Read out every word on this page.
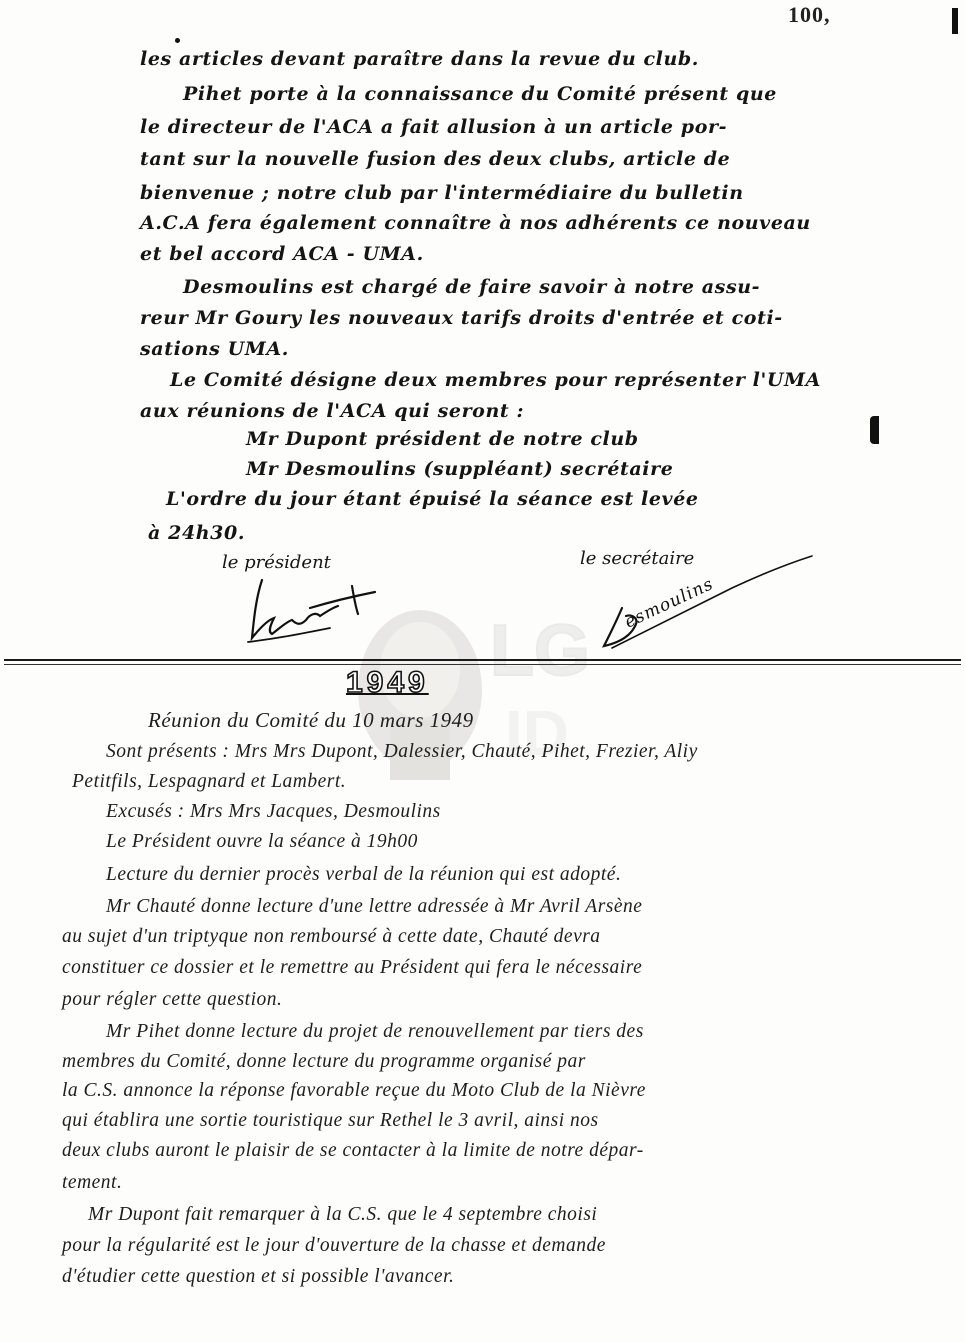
100,
LG
ID
les articles devant paraître dans la revue du club.
Pihet porte à la connaissance du Comité présent que
le directeur de l'ACA a fait allusion à un article por-
tant sur la nouvelle fusion des deux clubs, article de
bienvenue ; notre club par l'intermédiaire du bulletin
A.C.A fera également connaître à nos adhérents ce nouveau
et bel accord ACA - UMA.
Desmoulins est chargé de faire savoir à notre assu-
reur Mr Goury les nouveaux tarifs droits d'entrée et coti-
sations UMA.
Le Comité désigne deux membres pour représenter l'UMA
aux réunions de l'ACA qui seront :
Mr Dupont président de notre club
Mr Desmoulins (suppléant) secrétaire
L'ordre du jour étant épuisé la séance est levée
à 24h30.
le président	le secrétaire
esmoulins
1949
Réunion du Comité du 10 mars 1949
Sont présents : Mrs Mrs Dupont, Dalessier, Chauté, Pihet, Frezier, Aliy
Petitfils, Lespagnard et Lambert.
Excusés : Mrs Mrs Jacques, Desmoulins
Le Président ouvre la séance à 19h00
Lecture du dernier procès verbal de la réunion qui est adopté.
Mr Chauté donne lecture d'une lettre adressée à Mr Avril Arsène
au sujet d'un triptyque non remboursé à cette date, Chauté devra
constituer ce dossier et le remettre au Président qui fera le nécessaire
pour régler cette question.
Mr Pihet donne lecture du projet de renouvellement par tiers des
membres du Comité, donne lecture du programme organisé par
la C.S. annonce la réponse favorable reçue du Moto Club de la Nièvre
qui établira une sortie touristique sur Rethel le 3 avril, ainsi nos
deux clubs auront le plaisir de se contacter à la limite de notre dépar-
tement.
Mr Dupont fait remarquer à la C.S. que le 4 septembre choisi
pour la régularité est le jour d'ouverture de la chasse et demande
d'étudier cette question et si possible l'avancer.
